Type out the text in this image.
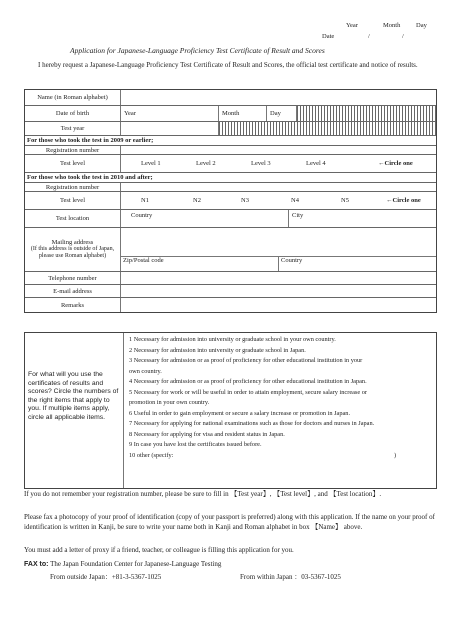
Year	Month Day
Date	/	/
Application for Japanese-Language Proficiency Test Certificate of Result and Scores
I hereby request a Japanese-Language Proficiency Test Certificate of Result and Scores, the official test certificate and notice of results.
Name (in Roman alphabet)
Date of birth	Year	Month	Day
Test year
For those who took the test in 2009 or earlier;
Registration number
Test level	Level 1	Level 2	Level 3	Level 4	←Circle one
For those who took the test in 2010 and after;
Registration number
Test level	N1	N2	N3	N4	N5	←Circle one
Test location	Country	City
Mailing address
(If this address is outside of Japan, please use Roman alphabet)
Zip/Postal code	Country
Telephone number
E-mail address
Remarks
For what will you use the certificates of results and scores? Circle the numbers of the right items that apply to you. If multiple items apply, circle all applicable items.
1 Necessary for admission into university or graduate school in your own country.
2 Necessary for admission into university or graduate school in Japan.
3 Necessary for admission or as proof of proficiency for other educational institution in your
own country.
4 Necessary for admission or as proof of proficiency for other educational institution in Japan.
5 Necessary for work or will be useful in order to attain employment, secure salary increase or
promotion in your own country.
6 Useful in order to gain employment or secure a salary increase or promotion in Japan.
7 Necessary for applying for national examinations such as those for doctors and nurses in Japan.
8 Necessary for applying for visa and resident status in Japan.
9 In case you have lost the certificates issued before.
10 other (specify:	)
If you do not remember your registration number, please be sure to fill in 【Test year】, 【Test level】, and 【Test location】.
Please fax a photocopy of your proof of identification (copy of your passport is preferred) along with this application. If the name on your proof of identification is written in Kanji, be sure to write your name both in Kanji and Roman alphabet in box 【Name】 above.
You must add a letter of proxy if a friend, teacher, or colleague is filling this application for you.
FAX to: The Japan Foundation Center for Japanese-Language Testing
From outside Japan：+81-3-5367-1025	From within Japan ：03-5367-1025
